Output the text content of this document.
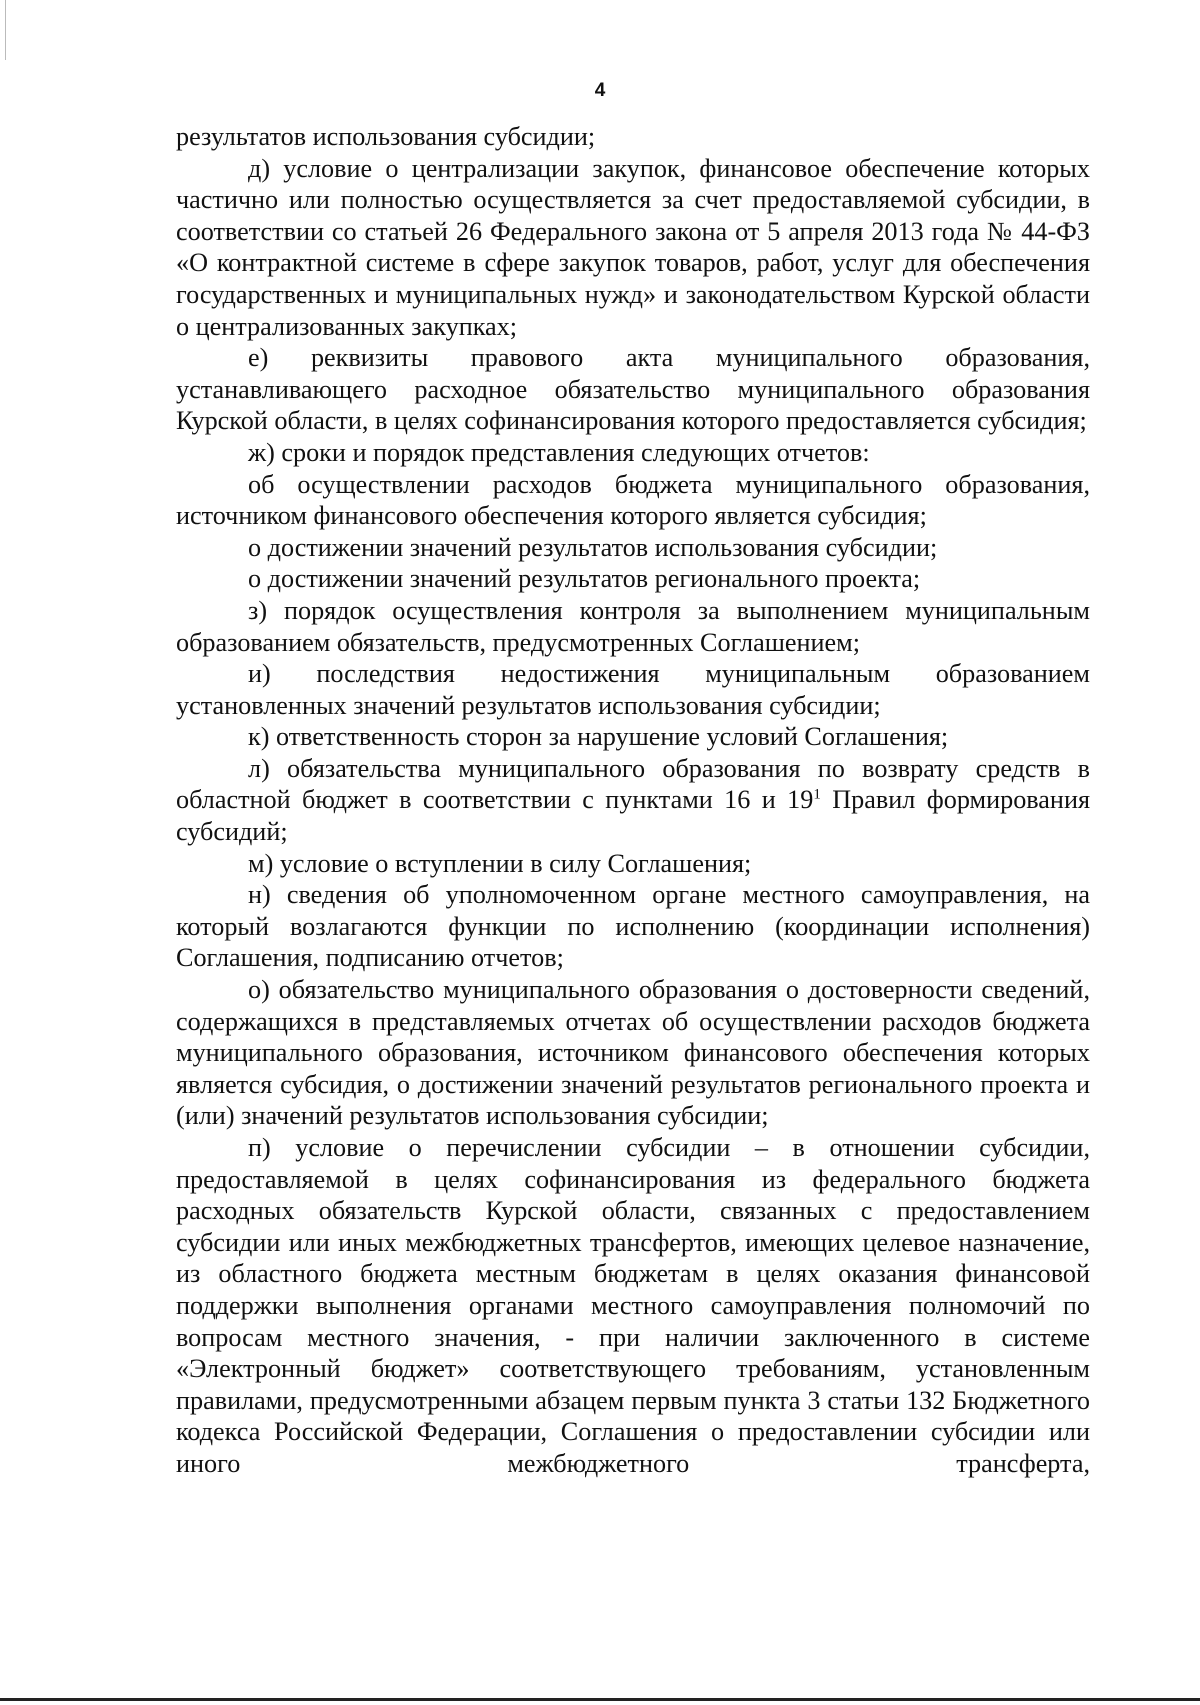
4

результатов использования субсидии;

д) условие о централизации закупок, финансовое обеспечение которых частично или полностью осуществляется за счет предоставляемой субсидии, в соответствии со статьей 26 Федерального закона от 5 апреля 2013 года № 44-ФЗ «О контрактной системе в сфере закупок товаров, работ, услуг для обеспечения государственных и муниципальных нужд» и законодательством Курской области о централизованных закупках;

е) реквизиты правового акта муниципального образования, устанавливающего расходное обязательство муниципального образования Курской области, в целях софинансирования которого предоставляется субсидия;

ж) сроки и порядок представления следующих отчетов:

об осуществлении расходов бюджета муниципального образования, источником финансового обеспечения которого является субсидия;

о достижении значений результатов использования субсидии;

о достижении значений результатов регионального проекта;

з) порядок осуществления контроля за выполнением муниципальным образованием обязательств, предусмотренных Соглашением;

и) последствия недостижения муниципальным образованием установленных значений результатов использования субсидии;

к) ответственность сторон за нарушение условий Соглашения;

л) обязательства муниципального образования по возврату средств в областной бюджет в соответствии с пунктами 16 и $19^1$ Правил формирования субсидий;

м) условие о вступлении в силу Соглашения;

н) сведения об уполномоченном органе местного самоуправления, на который возлагаются функции по исполнению (координации исполнения) Соглашения, подписанию отчетов;

о) обязательство муниципального образования о достоверности сведений, содержащихся в представляемых отчетах об осуществлении расходов бюджета муниципального образования, источником финансового обеспечения которых является субсидия, о достижении значений результатов регионального проекта и (или) значений результатов использования субсидии;

п) условие о перечислении субсидии – в отношении субсидии, предоставляемой в целях софинансирования из федерального бюджета расходных обязательств Курской области, связанных с предоставлением субсидии или иных межбюджетных трансфертов, имеющих целевое назначение, из областного бюджета местным бюджетам в целях оказания финансовой поддержки выполнения органами местного самоуправления полномочий по вопросам местного значения, - при наличии заключенного в системе «Электронный бюджет» соответствующего требованиям, установленным правилами, предусмотренными абзацем первым пункта 3 статьи 132 Бюджетного кодекса Российской Федерации, Соглашения о предоставлении субсидии или иного межбюджетного трансферта,
